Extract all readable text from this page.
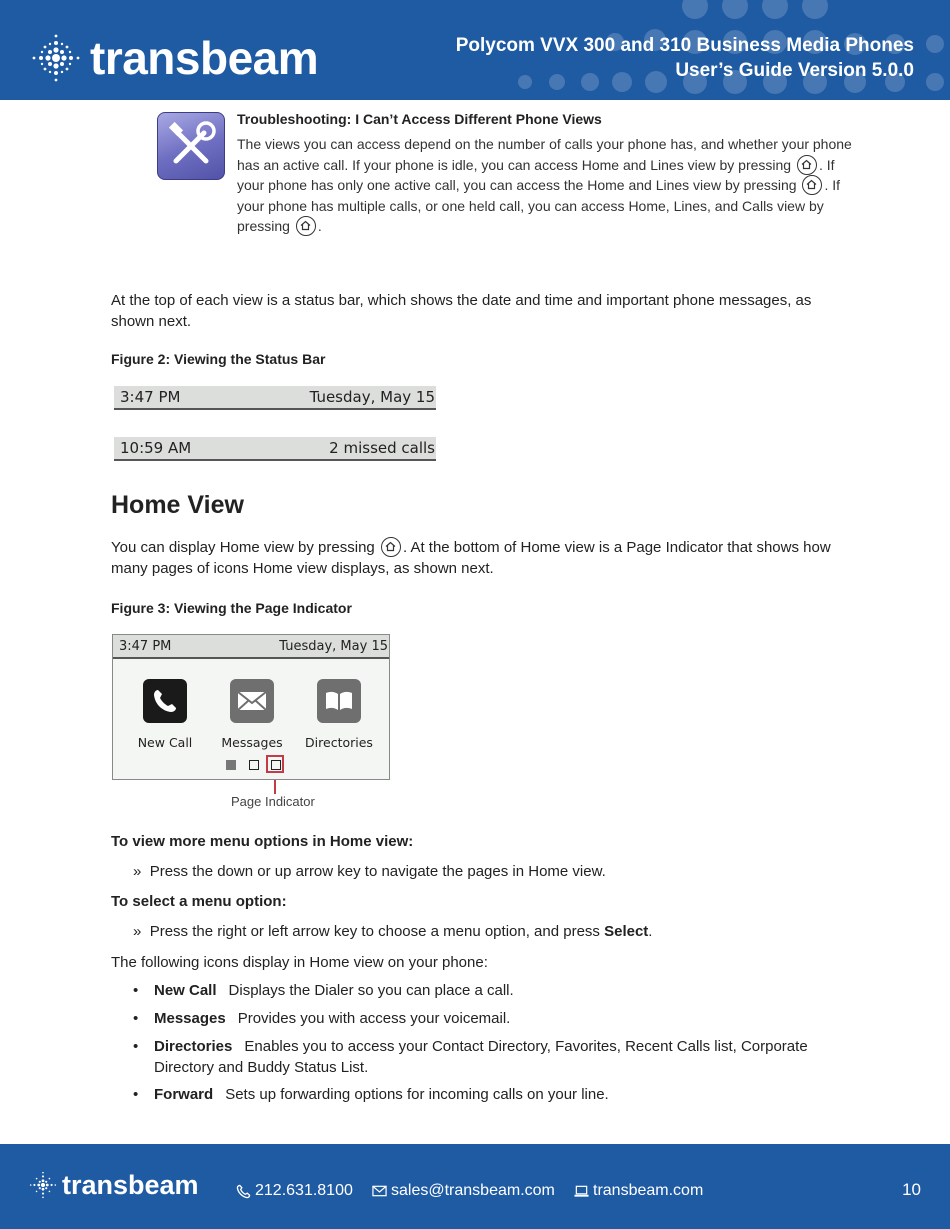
transbeam	Polycom VVX 300 and 310 Business Media Phones
User’s Guide Version 5.0.0
Troubleshooting: I Can’t Access Different Phone Views
The views you can access depend on the number of calls your phone has, and whether your phone has an active call. If your phone is idle, you can access Home and Lines view by pressing . If your phone has only one active call, you can access the Home and Lines view by pressing . If your phone has multiple calls, or one held call, you can access Home, Lines, and Calls view by pressing .
At the top of each view is a status bar, which shows the date and time and important phone messages, as shown next.
Figure 2: Viewing the Status Bar
3:47 PM	Tuesday, May 15
10:59 AM	2 missed calls
Home View
You can display Home view by pressing . At the bottom of Home view is a Page Indicator that shows how many pages of icons Home view displays, as shown next.
Figure 3: Viewing the Page Indicator
3:47 PM	Tuesday, May 15
New Call	Messages	Directories
Page Indicator
To view more menu options in Home view:
» Press the down or up arrow key to navigate the pages in Home view.
To select a menu option:
» Press the right or left arrow key to choose a menu option, and press Select.
The following icons display in Home view on your phone:
•	New Call Displays the Dialer so you can place a call.
•	Messages Provides you with access your voicemail.
•	Directories Enables you to access your Contact Directory, Favorites, Recent Calls list, Corporate Directory and Buddy Status List.
•	Forward Sets up forwarding options for incoming calls on your line.
transbeam	212.631.8100 sales@transbeam.com transbeam.com	10
